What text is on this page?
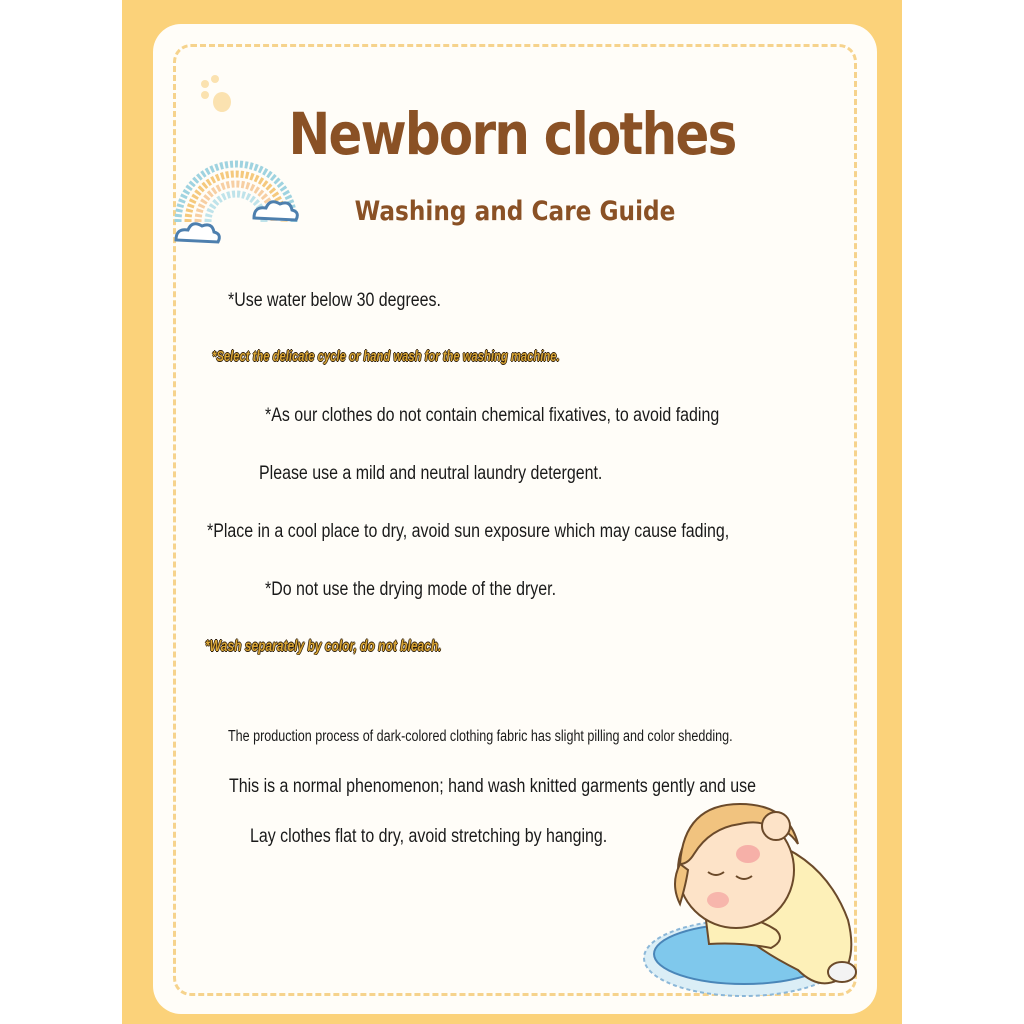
Newborn clothes
Washing and Care Guide
*Use water below 30 degrees.
*Select the delicate cycle or hand wash for the washing machine.
*As our clothes do not contain chemical fixatives, to avoid fading
Please use a mild and neutral laundry detergent.
*Place in a cool place to dry, avoid sun exposure which may cause fading,
*Do not use the drying mode of the dryer.
*Wash separately by color, do not bleach.
The production process of dark-colored clothing fabric has slight pilling and color shedding.
This is a normal phenomenon; hand wash knitted garments gently and use
Lay clothes flat to dry, avoid stretching by hanging.
